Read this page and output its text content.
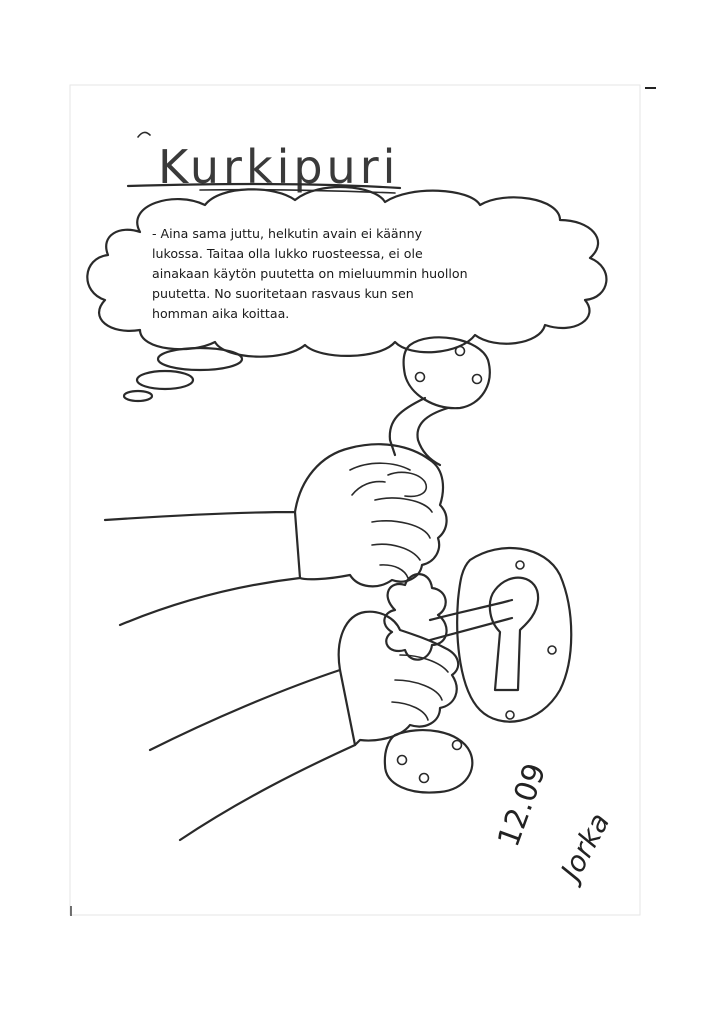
Kurkipuri
- Aina sama juttu, helkutin avain ei käänny
lukossa. Taitaa olla lukko ruosteessa, ei ole
ainakaan käytön puutetta on mieluummin huollon
puutetta. No suoritetaan rasvaus kun sen
homman aika koittaa.
12.09 Jorka
